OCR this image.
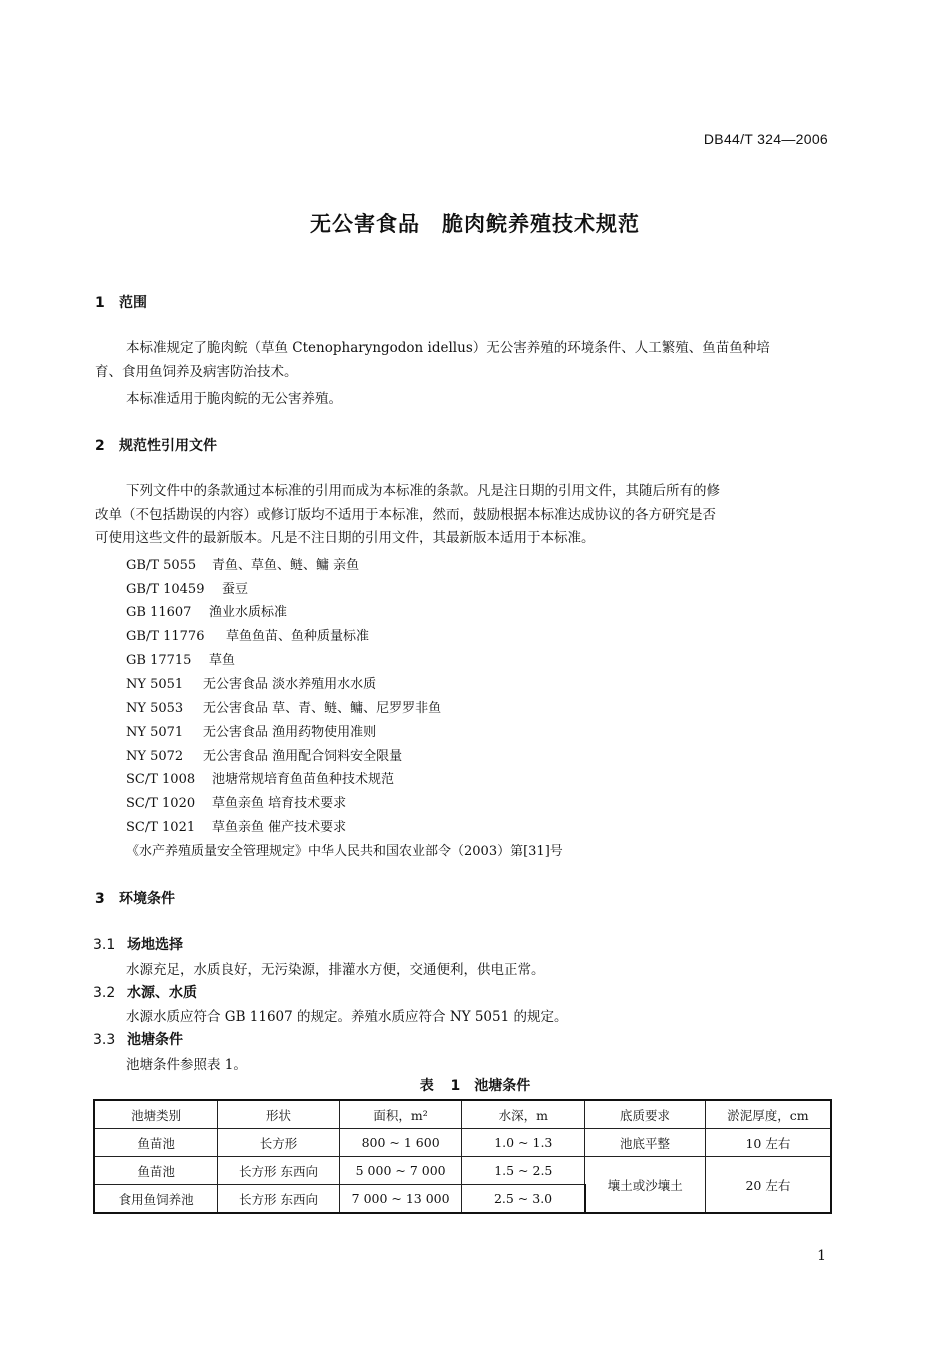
DB44/T 324—2006
无公害食品　脆肉鲩养殖技术规范
1 范围
本标准规定了脆肉鲩（草鱼 Ctenopharyngodon idellus）无公害养殖的环境条件、人工繁殖、鱼苗鱼种培
育、食用鱼饲养及病害防治技术。
本标准适用于脆肉鲩的无公害养殖。
2 规范性引用文件
下列文件中的条款通过本标准的引用而成为本标准的条款。凡是注日期的引用文件，其随后所有的修
改单（不包括勘误的内容）或修订版均不适用于本标准，然而，鼓励根据本标准达成协议的各方研究是否
可使用这些文件的最新版本。凡是不注日期的引用文件，其最新版本适用于本标准。
GB/T 5055 青鱼、草鱼、鲢、鳙 亲鱼
GB/T 10459 蚕豆
GB 11607 渔业水质标准
GB/T 11776 草鱼鱼苗、鱼种质量标准
GB 17715 草鱼
NY 5051 无公害食品 淡水养殖用水水质
NY 5053 无公害食品 草、青、鲢、鳙、尼罗罗非鱼
NY 5071 无公害食品 渔用药物使用准则
NY 5072 无公害食品 渔用配合饲料安全限量
SC/T 1008 池塘常规培育鱼苗鱼种技术规范
SC/T 1020 草鱼亲鱼 培育技术要求
SC/T 1021 草鱼亲鱼 催产技术要求
《水产养殖质量安全管理规定》中华人民共和国农业部令（2003）第[31]号
3 环境条件
3.1 场地选择
水源充足，水质良好，无污染源，排灌水方便，交通便利，供电正常。
3.2 水源、水质
水源水质应符合 GB 11607 的规定。养殖水质应符合 NY 5051 的规定。
3.3 池塘条件
池塘条件参照表 1。
表 1　池塘条件
池塘类别	形状	面积，m²	水深，m	底质要求	淤泥厚度，cm
鱼苗池	长方形	800 ~ 1 600	1.0 ~ 1.3	池底平整	10 左右
鱼苗池	长方形 东西向	5 000 ~ 7 000	1.5 ~ 2.5	壤土或沙壤土	20 左右
食用鱼饲养池	长方形 东西向	7 000 ~ 13 000	2.5 ~ 3.0		
1
